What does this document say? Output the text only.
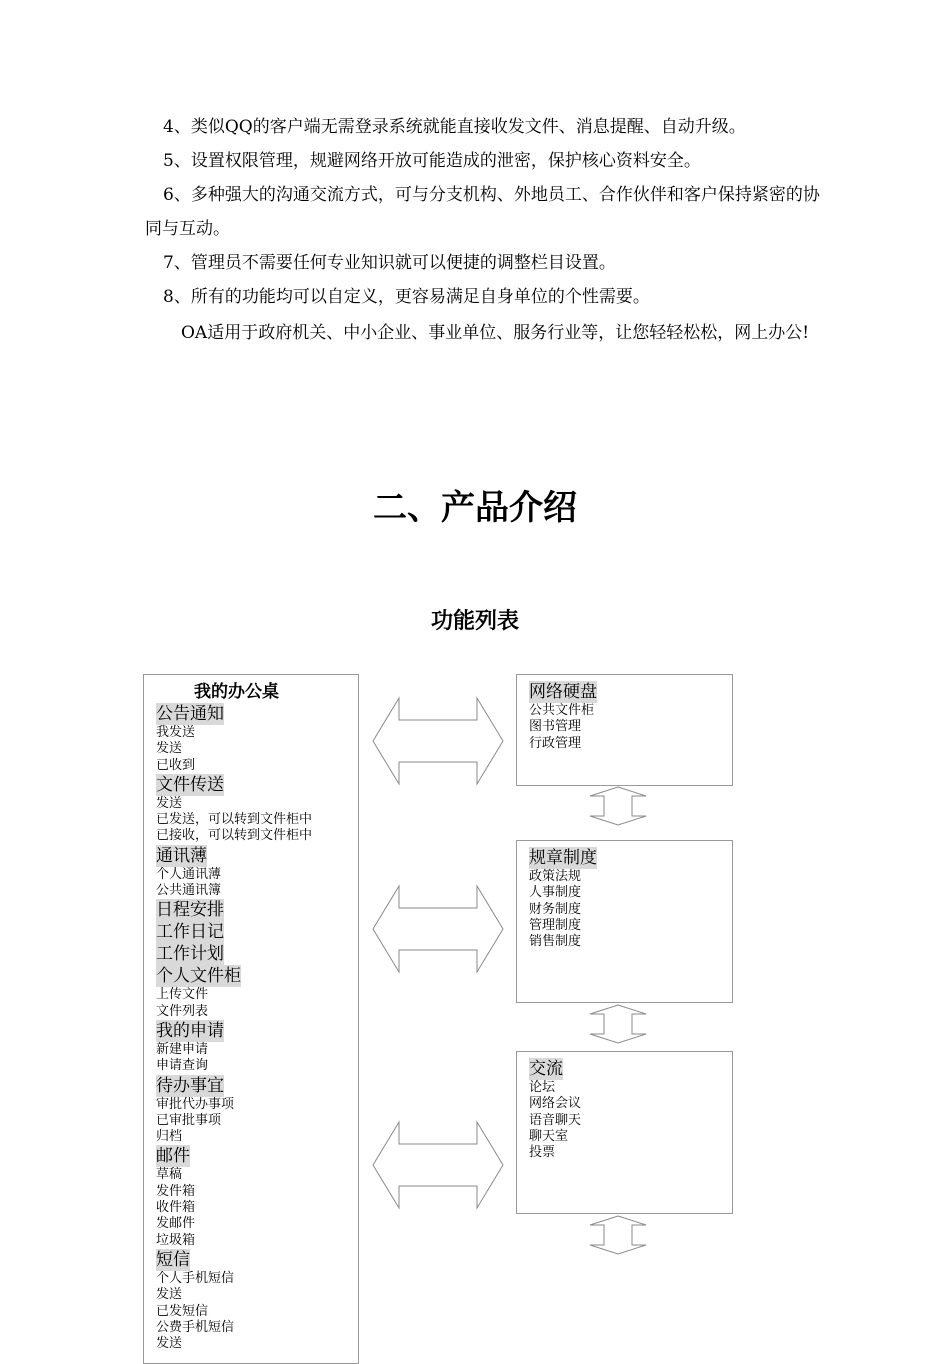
4、类似QQ的客户端无需登录系统就能直接收发文件、消息提醒、自动升级。
5、设置权限管理，规避网络开放可能造成的泄密，保护核心资料安全。
6、多种强大的沟通交流方式，可与分支机构、外地员工、合作伙伴和客户保持紧密的协同与互动。
7、管理员不需要任何专业知识就可以便捷的调整栏目设置。
8、所有的功能均可以自定义，更容易满足自身单位的个性需要。
OA适用于政府机关、中小企业、事业单位、服务行业等，让您轻轻松松，网上办公!
二、产品介绍
功能列表
我的办公桌
公告通知
我发送
发送
已收到
文件传送
发送
已发送，可以转到文件柜中
已接收，可以转到文件柜中
通讯薄
个人通讯薄
公共通讯簿
日程安排
工作日记
工作计划
个人文件柜
上传文件
文件列表
我的申请
新建申请
申请查询
待办事宜
审批代办事项
已审批事项
归档
邮件
草稿
发件箱
收件箱
发邮件
垃圾箱
短信
个人手机短信
发送
已发短信
公费手机短信
发送
网络硬盘
公共文件柜
图书管理
行政管理
规章制度
政策法规
人事制度
财务制度
管理制度
销售制度
交流
论坛
网络会议
语音聊天
聊天室
投票
